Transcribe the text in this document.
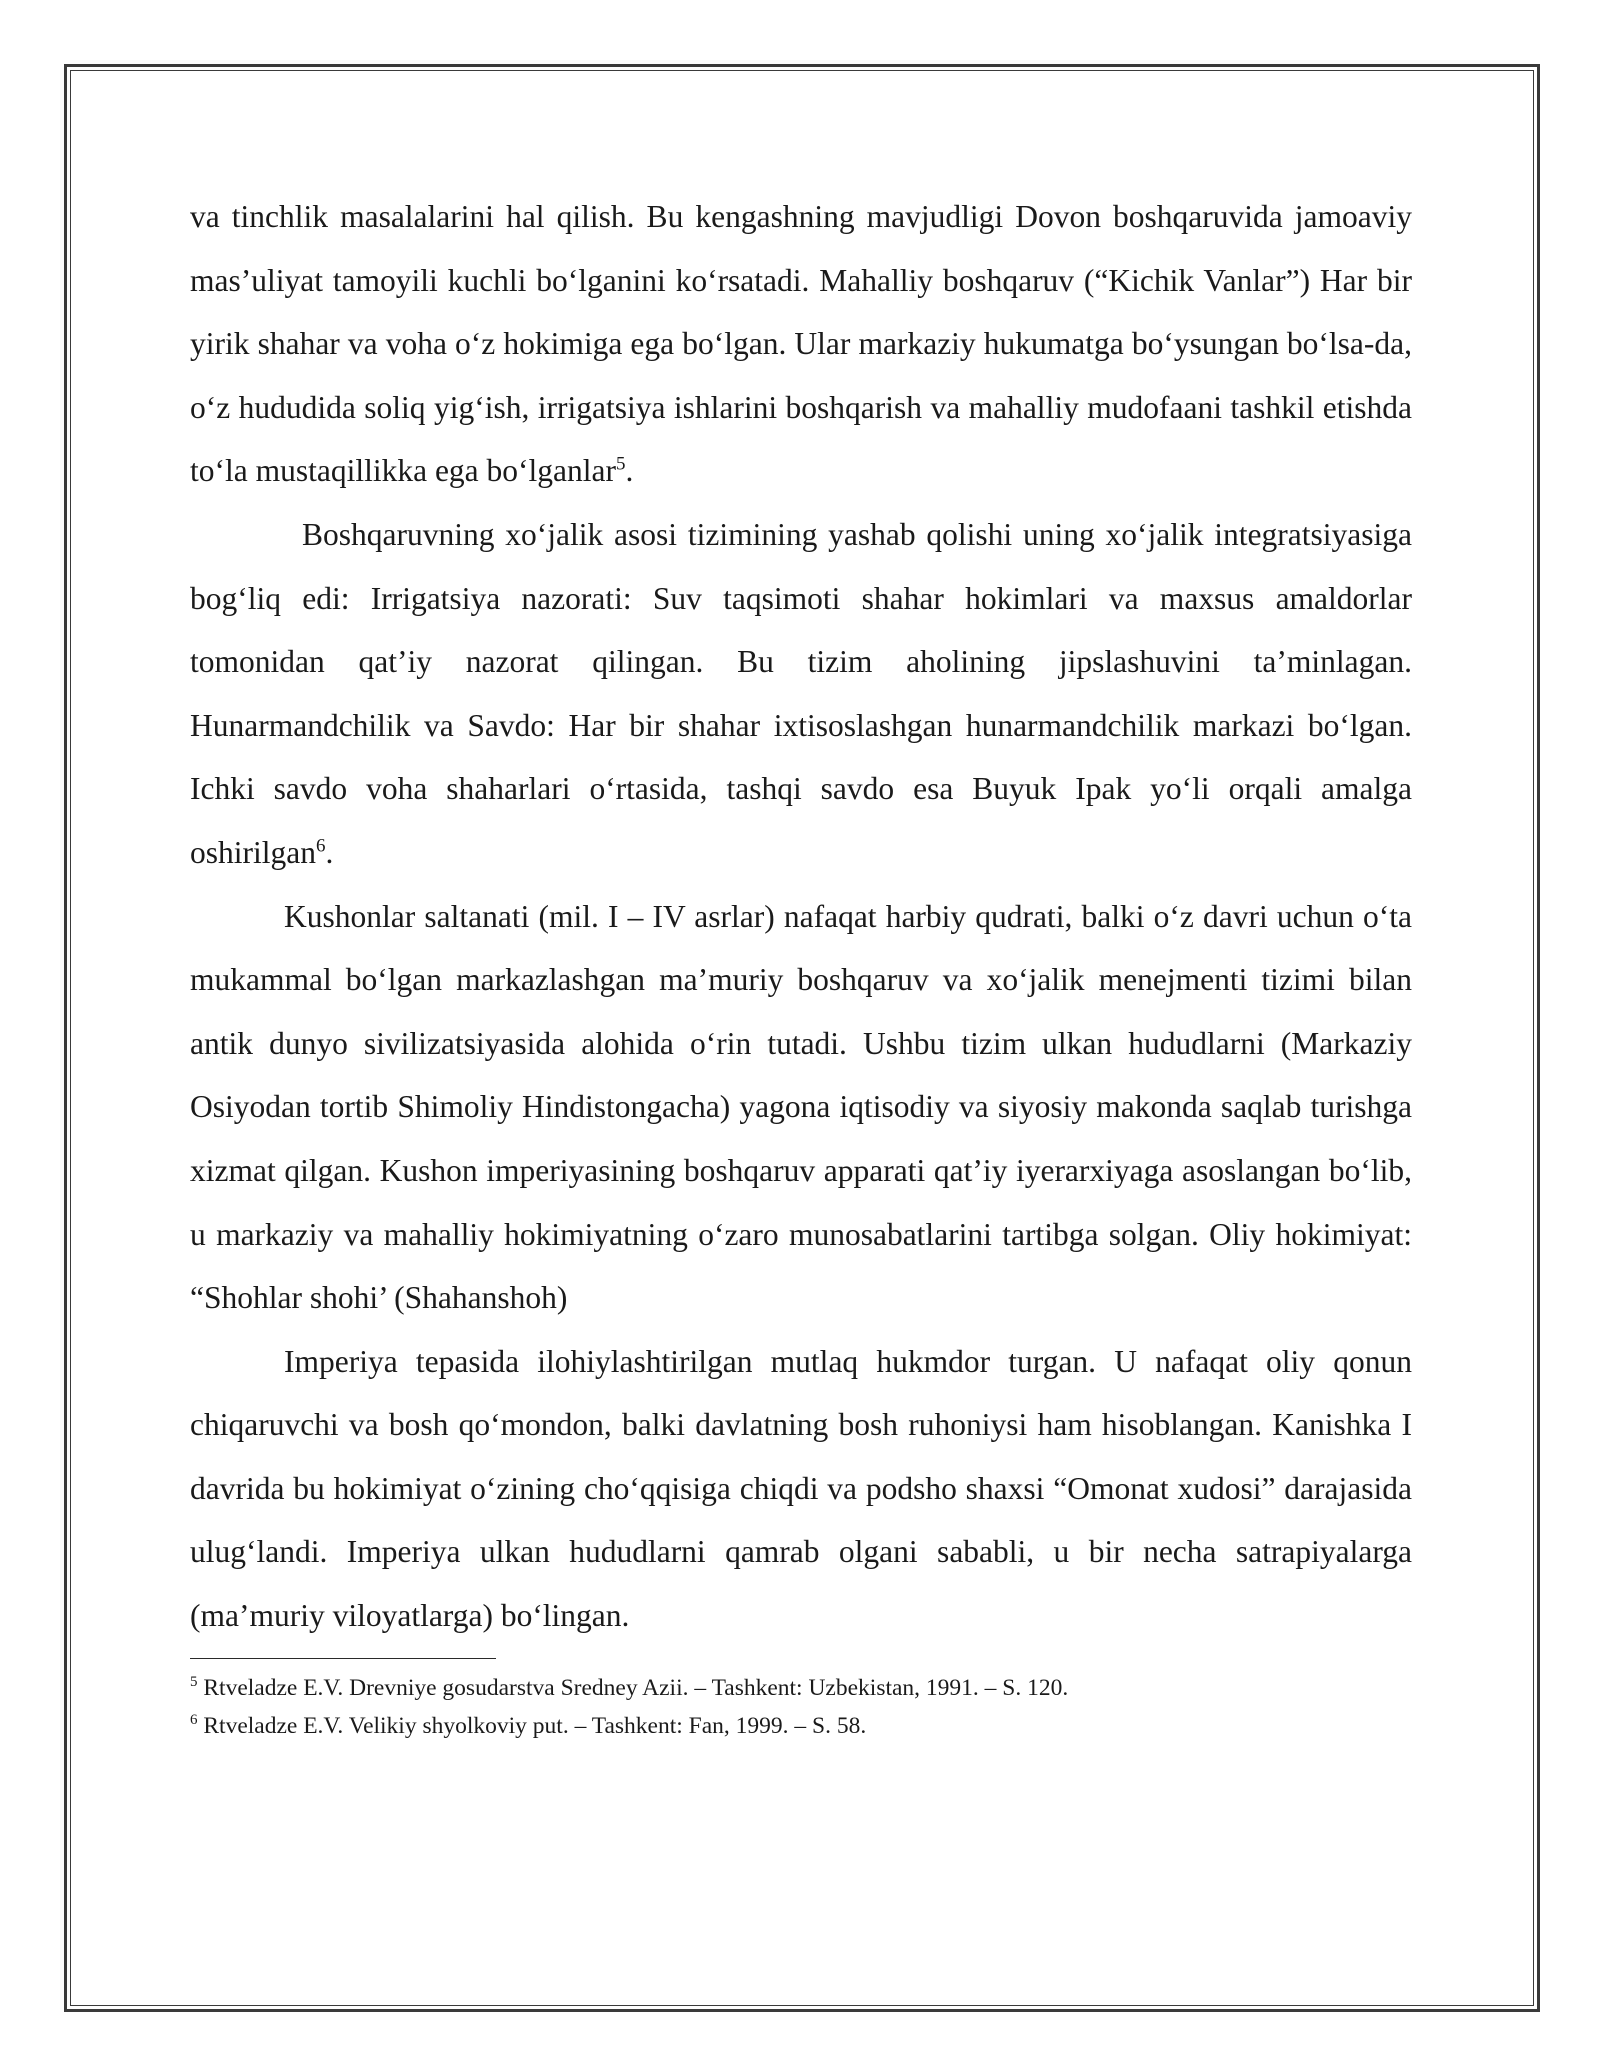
va tinchlik masalalarini hal qilish. Bu kengashning mavjudligi Dovon boshqaruvida jamoaviy mas’uliyat tamoyili kuchli bo‘lganini ko‘rsatadi. Mahalliy boshqaruv (“Kichik Vanlar”) Har bir yirik shahar va voha o‘z hokimiga ega bo‘lgan. Ular markaziy hukumatga bo‘ysungan bo‘lsa-da, o‘z hududida soliq yig‘ish, irrigatsiya ishlarini boshqarish va mahalliy mudofaani tashkil etishda to‘la mustaqillikka ega bo‘lganlar$^5$.

Boshqaruvning xo‘jalik asosi tizimining yashab qolishi uning xo‘jalik integratsiyasiga bog‘liq edi: Irrigatsiya nazorati: Suv taqsimoti shahar hokimlari va maxsus amaldorlar tomonidan qat’iy nazorat qilingan. Bu tizim aholining jipslashuvini ta’minlagan. Hunarmandchilik va Savdo: Har bir shahar ixtisoslashgan hunarmandchilik markazi bo‘lgan. Ichki savdo voha shaharlari o‘rtasida, tashqi savdo esa Buyuk Ipak yo‘li orqali amalga oshirilgan$^6$.

Kushonlar saltanati (mil. I – IV asrlar) nafaqat harbiy qudrati, balki o‘z davri uchun o‘ta mukammal bo‘lgan markazlashgan ma’muriy boshqaruv va xo‘jalik menejmenti tizimi bilan antik dunyo sivilizatsiyasida alohida o‘rin tutadi. Ushbu tizim ulkan hududlarni (Markaziy Osiyodan tortib Shimoliy Hindistongacha) yagona iqtisodiy va siyosiy makonda saqlab turishga xizmat qilgan. Kushon imperiyasining boshqaruv apparati qat’iy iyerarxiyaga asoslangan bo‘lib, u markaziy va mahalliy hokimiyatning o‘zaro munosabatlarini tartibga solgan. Oliy hokimiyat: “Shohlar shohi’ (Shahanshoh)

Imperiya tepasida ilohiylashtirilgan mutlaq hukmdor turgan. U nafaqat oliy qonun chiqaruvchi va bosh qo‘mondon, balki davlatning bosh ruhoniysi ham hisoblangan. Kanishka I davrida bu hokimiyat o‘zining cho‘qqisiga chiqdi va podsho shaxsi “Omonat xudosi” darajasida ulug‘landi. Imperiya ulkan hududlarni qamrab olgani sababli, u bir necha satrapiyalarga (ma’muriy viloyatlarga) bo‘lingan.

$^5$ Rtveladze E.V. Drevniye gosudarstva Sredney Azii. – Tashkent: Uzbekistan, 1991. – S. 120.

$^6$ Rtveladze E.V. Velikiy shyolkoviy put. – Tashkent: Fan, 1999. – S. 58.
